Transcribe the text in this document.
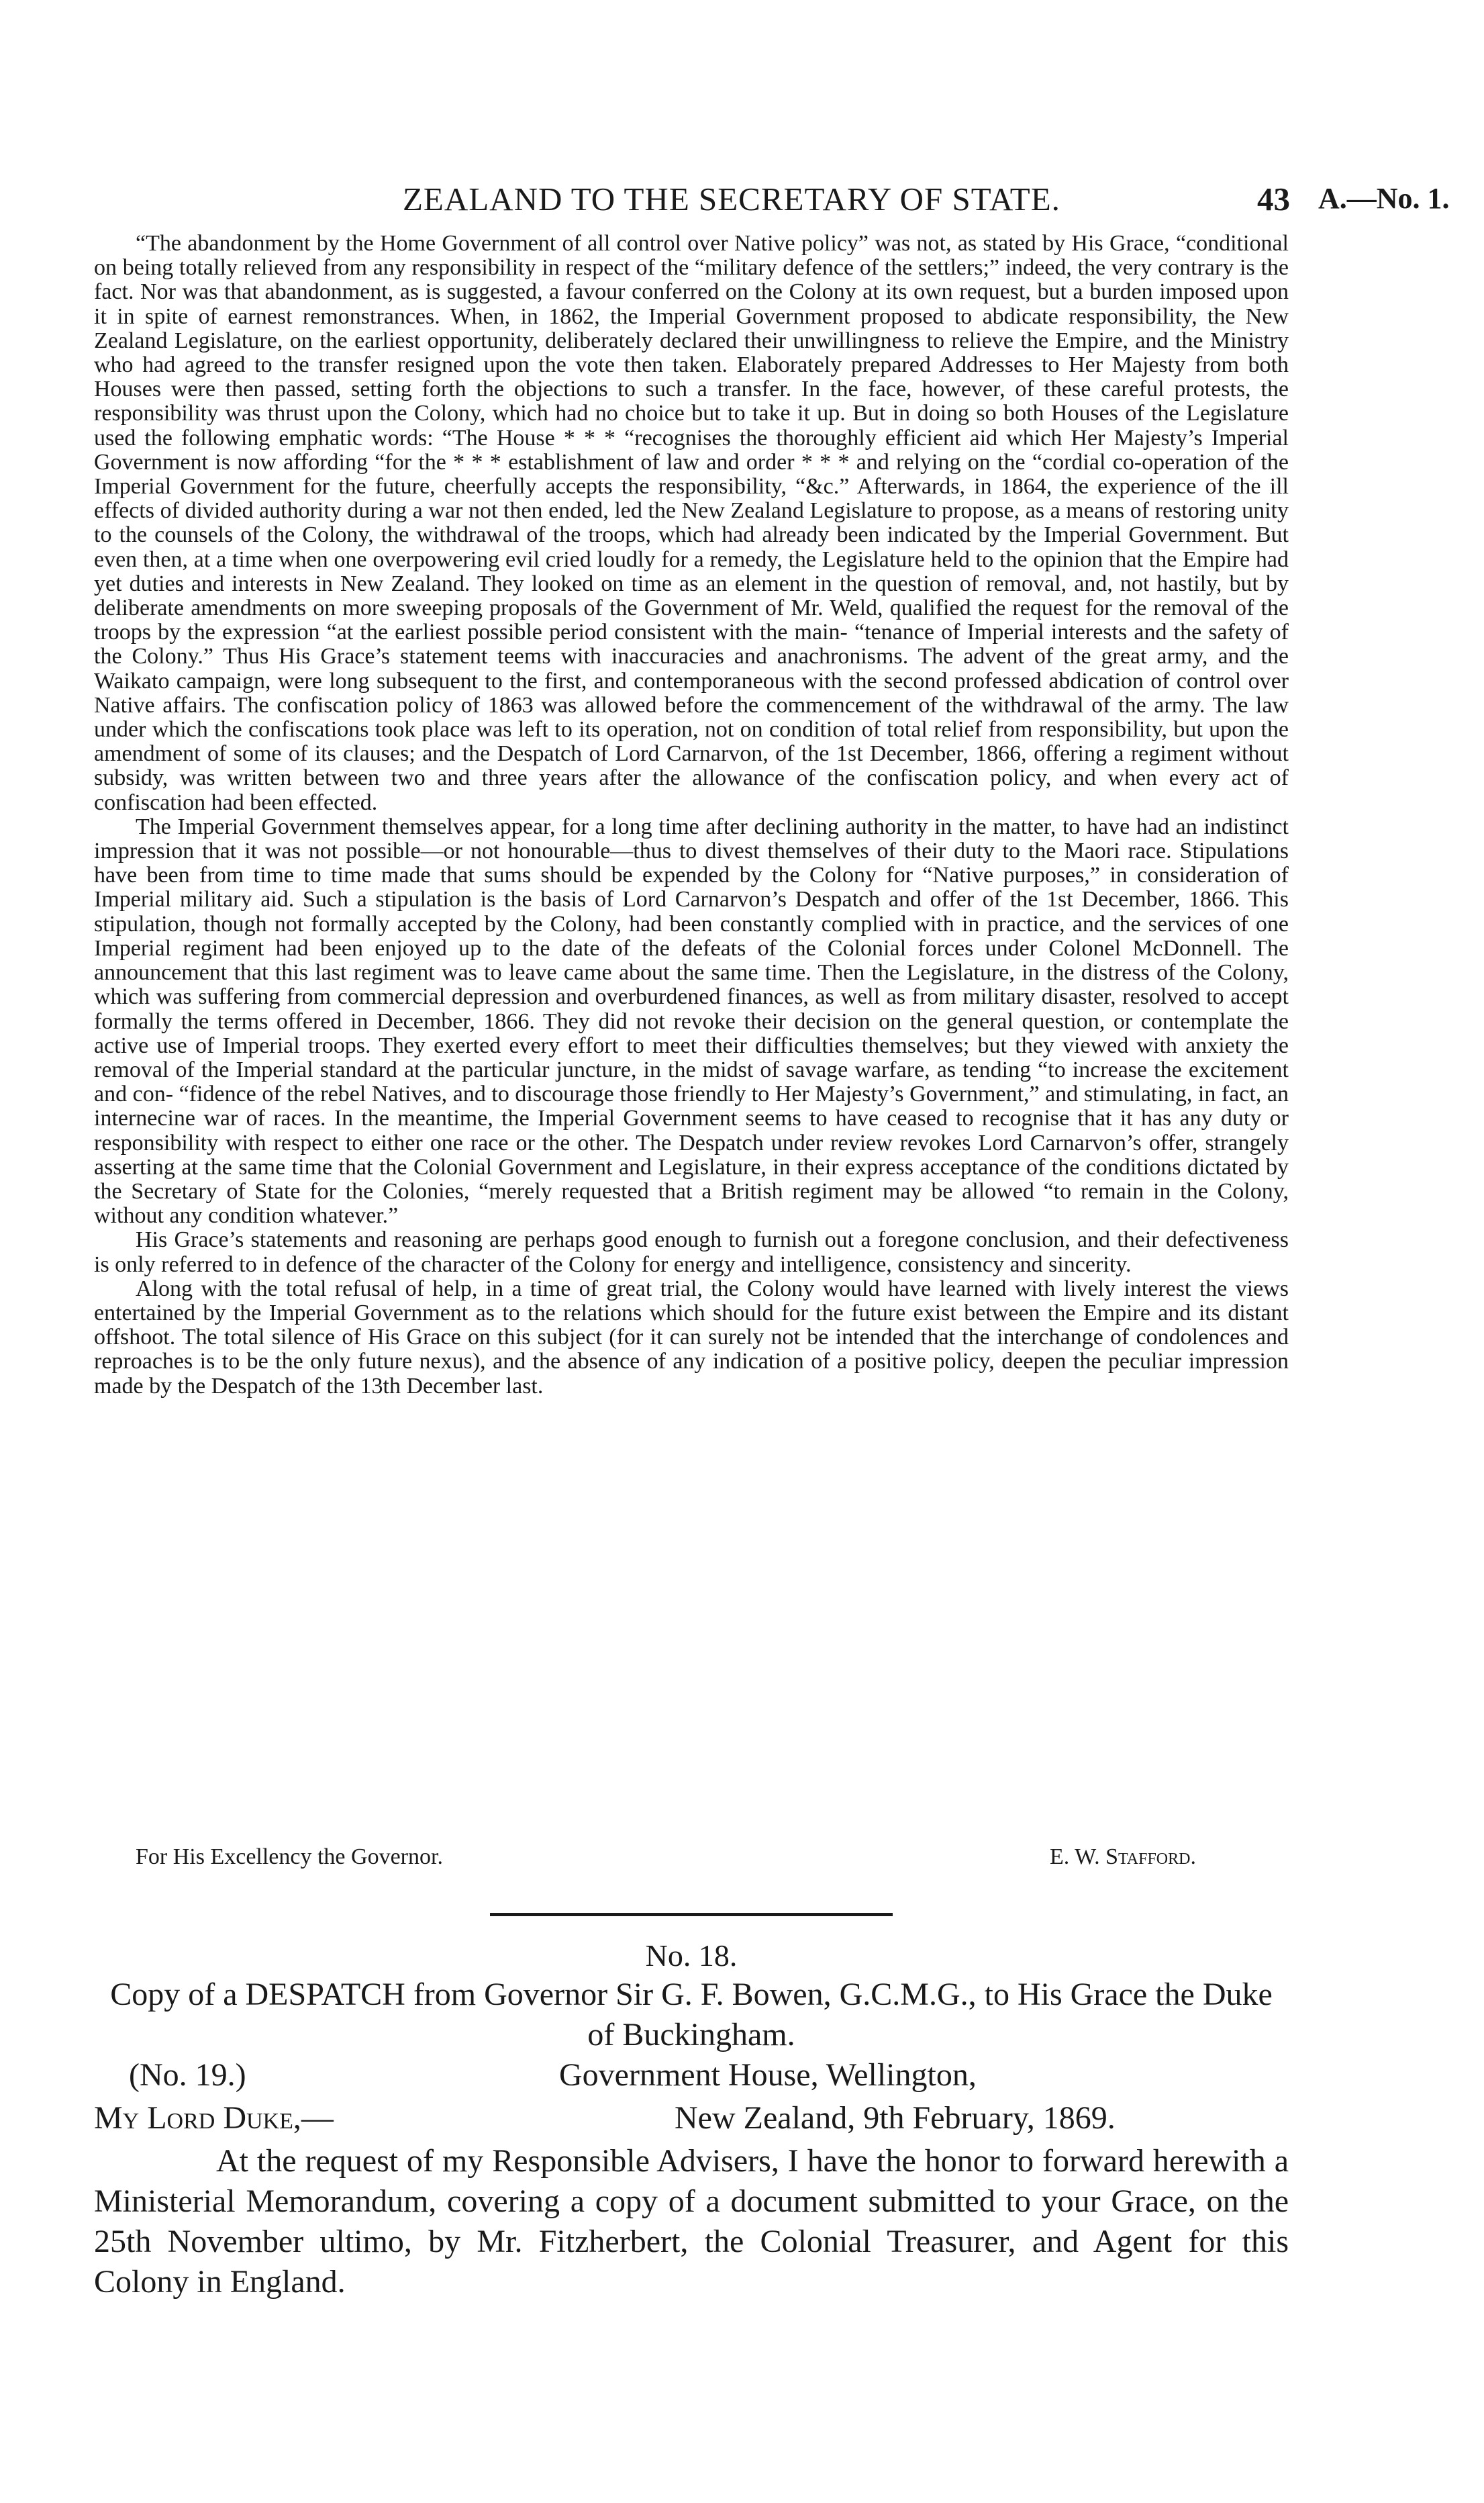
ZEALAND TO THE SECRETARY OF STATE.	43 A.—No. 1.

“The abandonment by the Home Government of all control over Native policy” was not, as stated by His Grace, “conditional on being totally relieved from any responsibility in respect of the “military defence of the settlers;” indeed, the very contrary is the fact. Nor was that abandonment, as is suggested, a favour conferred on the Colony at its own request, but a burden imposed upon it in spite of earnest remonstrances. When, in 1862, the Imperial Government proposed to abdicate responsibility, the New Zealand Legislature, on the earliest opportunity, deliberately declared their unwillingness to relieve the Empire, and the Ministry who had agreed to the transfer resigned upon the vote then taken. Elaborately prepared Addresses to Her Majesty from both Houses were then passed, setting forth the objections to such a transfer. In the face, however, of these careful protests, the responsibility was thrust upon the Colony, which had no choice but to take it up. But in doing so both Houses of the Legislature used the following emphatic words: “The House * * * “recognises the thoroughly efficient aid which Her Majesty’s Imperial Government is now affording “for the * * * establishment of law and order * * * and relying on the “cordial co-operation of the Imperial Government for the future, cheerfully accepts the responsibility, “&c.” Afterwards, in 1864, the experience of the ill effects of divided authority during a war not then ended, led the New Zealand Legislature to propose, as a means of restoring unity to the counsels of the Colony, the withdrawal of the troops, which had already been indicated by the Imperial Government. But even then, at a time when one overpowering evil cried loudly for a remedy, the Legislature held to the opinion that the Empire had yet duties and interests in New Zealand. They looked on time as an element in the question of removal, and, not hastily, but by deliberate amendments on more sweeping proposals of the Government of Mr. Weld, qualified the request for the removal of the troops by the expression “at the earliest possible period consistent with the main- “tenance of Imperial interests and the safety of the Colony.” Thus His Grace’s statement teems with inaccuracies and anachronisms. The advent of the great army, and the Waikato campaign, were long subsequent to the first, and contemporaneous with the second professed abdication of control over Native affairs. The confiscation policy of 1863 was allowed before the commencement of the withdrawal of the army. The law under which the confiscations took place was left to its operation, not on condition of total relief from responsibility, but upon the amendment of some of its clauses; and the Despatch of Lord Carnarvon, of the 1st December, 1866, offering a regiment without subsidy, was written between two and three years after the allowance of the confiscation policy, and when every act of confiscation had been effected.

The Imperial Government themselves appear, for a long time after declining authority in the matter, to have had an indistinct impression that it was not possible—or not honourable—thus to divest themselves of their duty to the Maori race. Stipulations have been from time to time made that sums should be expended by the Colony for “Native purposes,” in consideration of Imperial military aid. Such a stipulation is the basis of Lord Carnarvon’s Despatch and offer of the 1st December, 1866. This stipulation, though not formally accepted by the Colony, had been constantly complied with in practice, and the services of one Imperial regiment had been enjoyed up to the date of the defeats of the Colonial forces under Colonel McDonnell. The announcement that this last regiment was to leave came about the same time. Then the Legislature, in the distress of the Colony, which was suffering from commercial depression and overburdened finances, as well as from military disaster, resolved to accept formally the terms offered in December, 1866. They did not revoke their decision on the general question, or contemplate the active use of Imperial troops. They exerted every effort to meet their difficulties themselves; but they viewed with anxiety the removal of the Imperial standard at the particular juncture, in the midst of savage warfare, as tending “to increase the excitement and con- “fidence of the rebel Natives, and to discourage those friendly to Her Majesty’s Government,” and stimulating, in fact, an internecine war of races. In the meantime, the Imperial Government seems to have ceased to recognise that it has any duty or responsibility with respect to either one race or the other. The Despatch under review revokes Lord Carnarvon’s offer, strangely asserting at the same time that the Colonial Government and Legislature, in their express acceptance of the conditions dictated by the Secretary of State for the Colonies, “merely requested that a British regiment may be allowed “to remain in the Colony, without any condition whatever.”

His Grace’s statements and reasoning are perhaps good enough to furnish out a foregone conclusion, and their defectiveness is only referred to in defence of the character of the Colony for energy and intelligence, consistency and sincerity.

Along with the total refusal of help, in a time of great trial, the Colony would have learned with lively interest the views entertained by the Imperial Government as to the relations which should for the future exist between the Empire and its distant offshoot. The total silence of His Grace on this subject (for it can surely not be intended that the interchange of condolences and reproaches is to be the only future nexus), and the absence of any indication of a positive policy, deepen the peculiar impression made by the Despatch of the 13th December last.

For His Excellency the Governor.	E. W. Stafford.
No. 18.
Copy of a DESPATCH from Governor Sir G. F. Bowen, G.C.M.G., to His Grace the Duke of Buckingham.
(No. 19.)	Government House, Wellington,
My Lord Duke,—	New Zealand, 9th February, 1869.

At the request of my Responsible Advisers, I have the honor to forward herewith a Ministerial Memorandum, covering a copy of a document submitted to your Grace, on the 25th November ultimo, by Mr. Fitzherbert, the Colonial Treasurer, and Agent for this Colony in England.
